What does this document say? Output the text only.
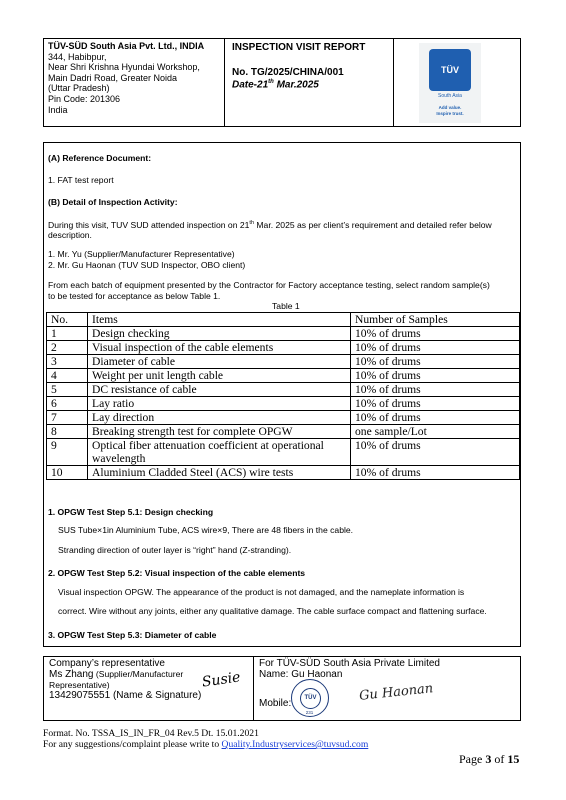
TÜV-SÜD South Asia Pvt. Ltd., INDIA
344, Habibpur,
Near Shri Krishna Hyundai Workshop,
Main Dadri Road, Greater Noida
(Uttar Pradesh)
Pin Code: 201306
India
INSPECTION VISIT REPORT
No. TG/2025/CHINA/001
Date-21th Mar.2025
TÜV
South Asia
Add value.
Inspire trust.
(A) Reference Document:
1. FAT test report
(B) Detail of Inspection Activity:
During this visit, TUV SUD attended inspection on 21th Mar. 2025 as per client’s requirement and detailed refer below
description.
1. Mr. Yu (Supplier/Manufacturer Representative)
2. Mr. Gu Haonan (TUV SUD Inspector, OBO client)
From each batch of equipment presented by the Contractor for Factory acceptance testing, select random sample(s)
to be tested for acceptance as below Table 1.
Table 1
No.	Items	Number of Samples
1	Design checking	10% of drums
2	Visual inspection of the cable elements	10% of drums
3	Diameter of cable	10% of drums
4	Weight per unit length cable	10% of drums
5	DC resistance of cable	10% of drums
6	Lay ratio	10% of drums
7	Lay direction	10% of drums
8	Breaking strength test for complete OPGW	one sample/Lot
9	Optical fiber attenuation coefficient at operational wavelength	10% of drums
10	Aluminium Cladded Steel (ACS) wire tests	10% of drums
1. OPGW Test Step 5.1: Design checking
SUS Tube×1in Aluminium Tube, ACS wire×9, There are 48 fibers in the cable.
Stranding direction of outer layer is “right” hand (Z-stranding).
2. OPGW Test Step 5.2: Visual inspection of the cable elements
Visual inspection OPGW. The appearance of the product is not damaged, and the nameplate information is
correct. Wire without any joints, either any qualitative damage. The cable surface compact and flattening surface.
3. OPGW Test Step 5.3: Diameter of cable
Company’s representative
Ms Zhang (Supplier/Manufacturer
Representative)
13429075551 (Name & Signature)
Susie
For TÜV-SÜD South Asia Private Limited
Name: Gu Haonan
Mobile:	TÜV
231
Gu Haonan
Format. No. TSSA_IS_IN_FR_04 Rev.5 Dt. 15.01.2021
For any suggestions/complaint please write to Quality.Industryservices@tuvsud.com
Page 3 of 15
